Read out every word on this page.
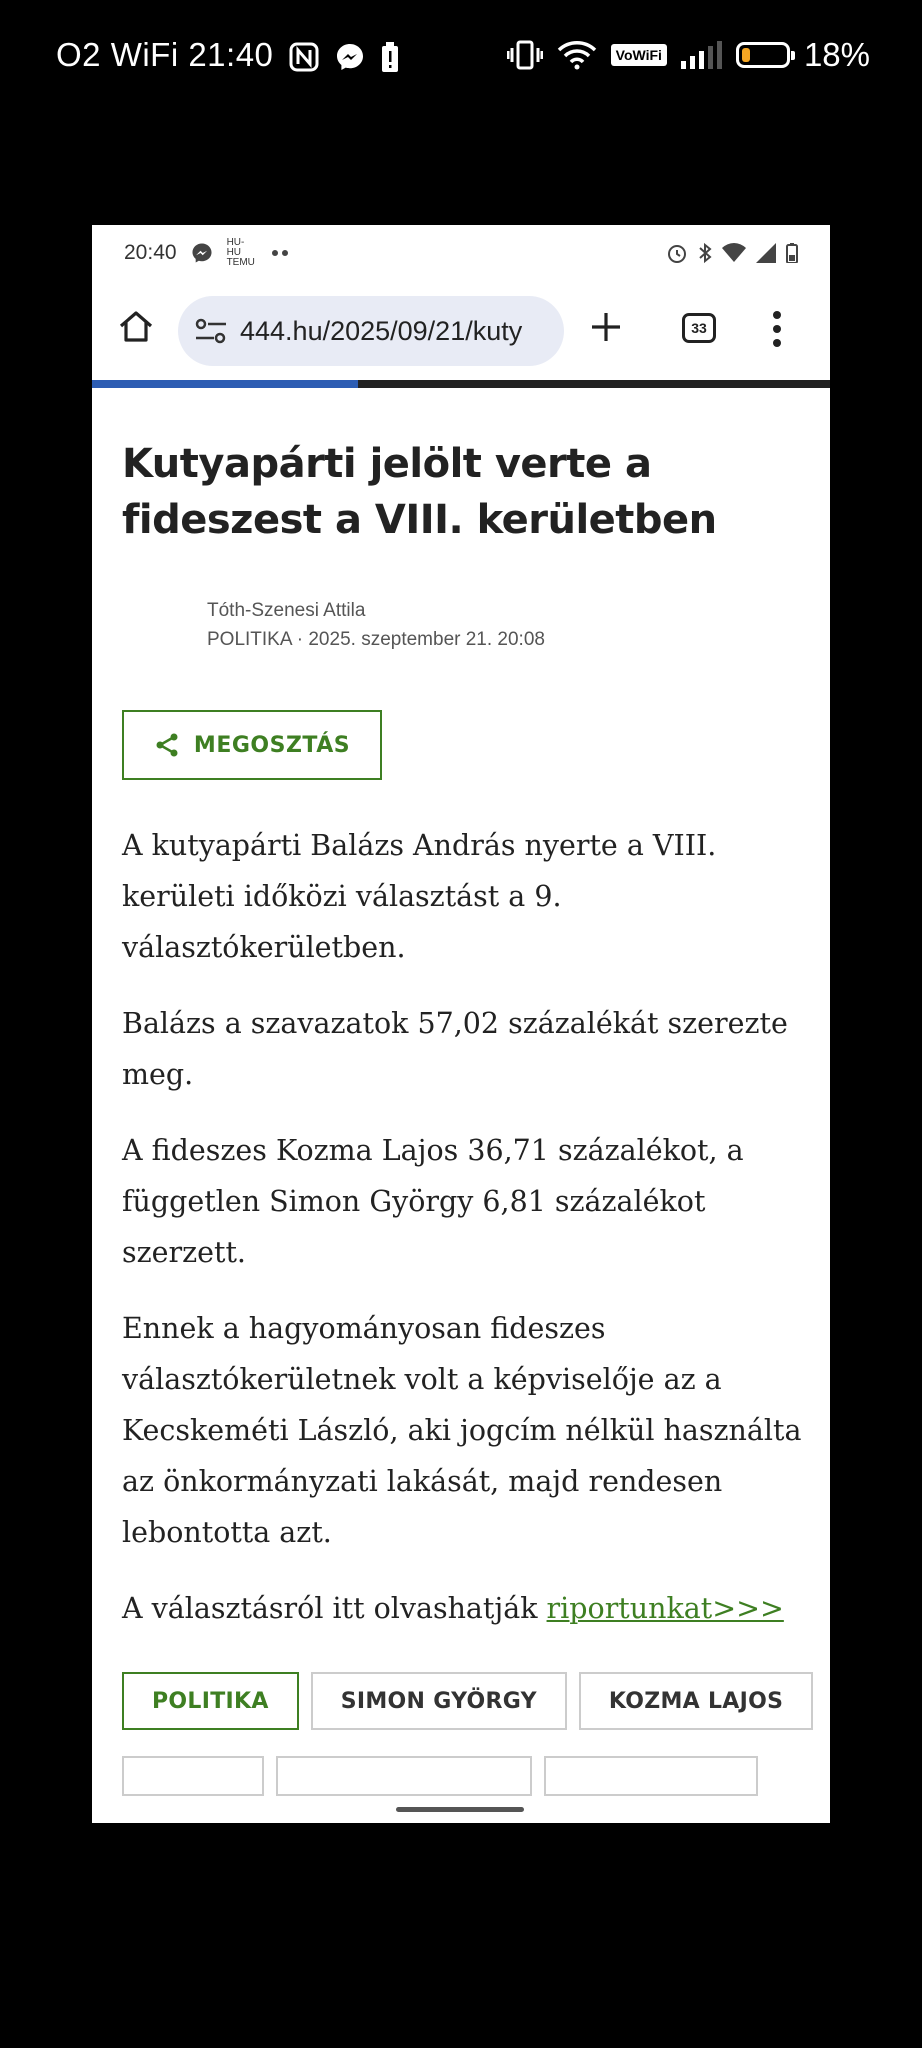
O2 WiFi 21:40	VoWiFi	18%
20:40	HU-HU TEMU
444.hu/2025/09/21/kuty	33
Kutyapárti jelölt verte a fideszest a VIII. kerületben
Tóth-Szenesi Attila
POLITIKA · 2025. szeptember 21. 20:08
MEGOSZTÁS

A kutyapárti Balázs András nyerte a VIII. kerületi időközi választást a 9. választókerületben.

Balázs a szavazatok 57,02 százalékát szerezte meg.

A fideszes Kozma Lajos 36,71 százalékot, a független Simon György 6,81 százalékot szerzett.

Ennek a hagyományosan fideszes választókerületnek volt a képviselője az a Kecskeméti László, aki jogcím nélkül használta az önkormányzati lakását, majd rendesen lebontotta azt.

A választásról itt olvashatják riportunkat>>>

POLITIKA	SIMON GYÖRGY	KOZMA LAJOS
